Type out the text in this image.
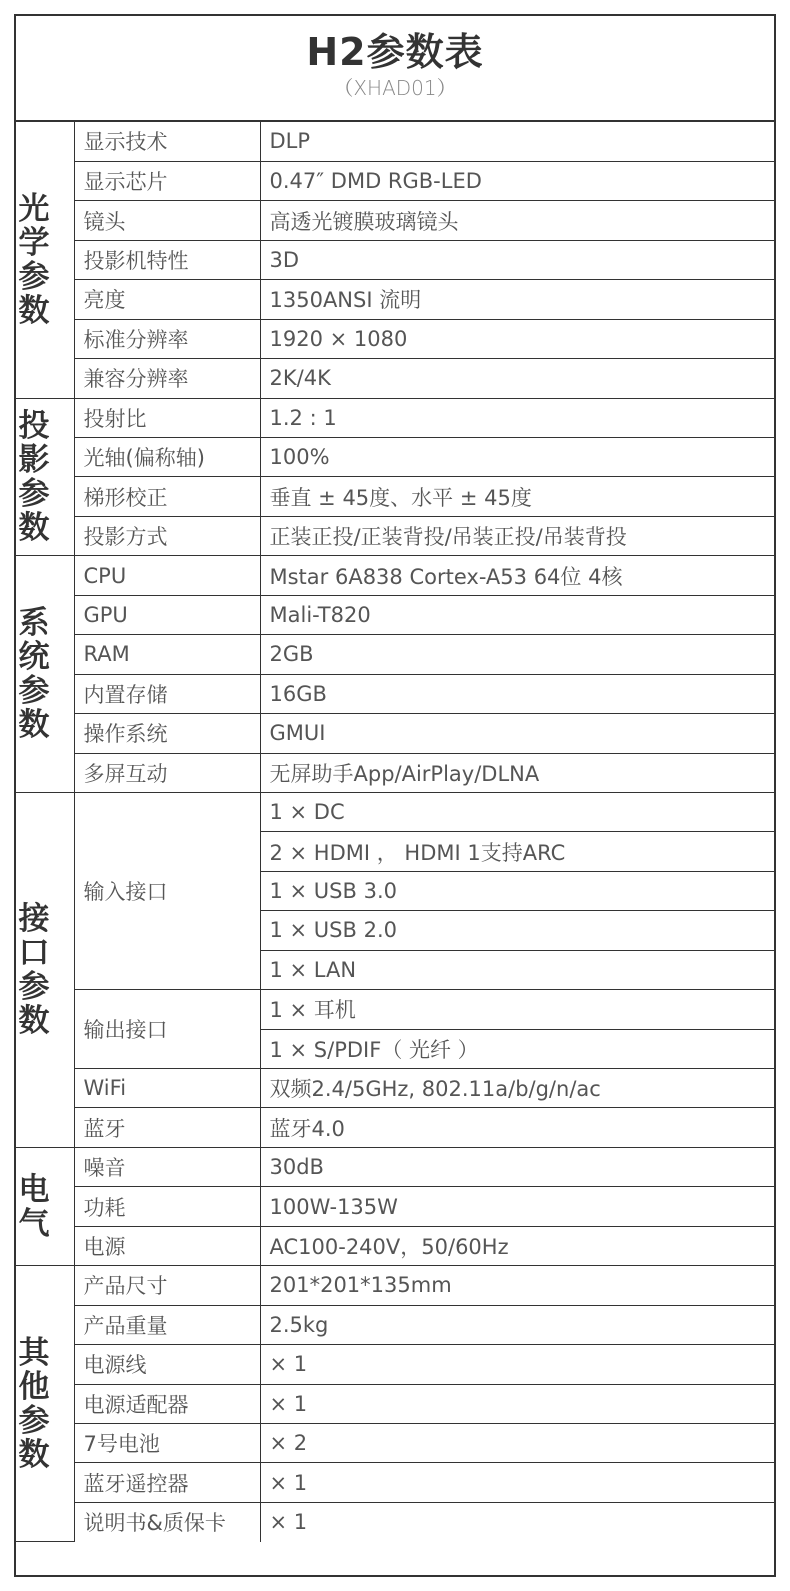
H2参数表
（XHAD01）
光学参数	显示技术	DLP
	显示芯片	0.47″ DMD RGB-LED
	镜头	高透光镀膜玻璃镜头
	投影机特性	3D
	亮度	1350ANSI 流明
	标准分辨率	1920 × 1080
	兼容分辨率	2K/4K

投影参数	投射比	1.2 : 1
	光轴(偏称轴)	100%
	梯形校正	垂直 ± 45度、水平 ± 45度
	投影方式	正装正投/正装背投/吊装正投/吊装背投

系统参数	CPU	Mstar 6A838 Cortex-A53 64位 4核
	GPU	Mali-T820
	RAM	2GB
	内置存储	16GB
	操作系统	GMUI
	多屏互动	无屏助手App/AirPlay/DLNA

接口参数	输入接口	1 × DC
		2 × HDMI ， HDMI 1支持ARC
		1 × USB 3.0
		1 × USB 2.0
		1 × LAN
	输出接口	1 × 耳机
		1 × S/PDIF（ 光纤 ）
	WiFi	双频2.4/5GHz, 802.11a/b/g/n/ac
	蓝牙	蓝牙4.0

电气	噪音	30dB
	功耗	100W-135W
	电源	AC100-240V，50/60Hz

其他参数	产品尺寸	201*201*135mm
	产品重量	2.5kg
	电源线	× 1
	电源适配器	× 1
	7号电池	× 2
	蓝牙遥控器	× 1
	说明书&质保卡	× 1
